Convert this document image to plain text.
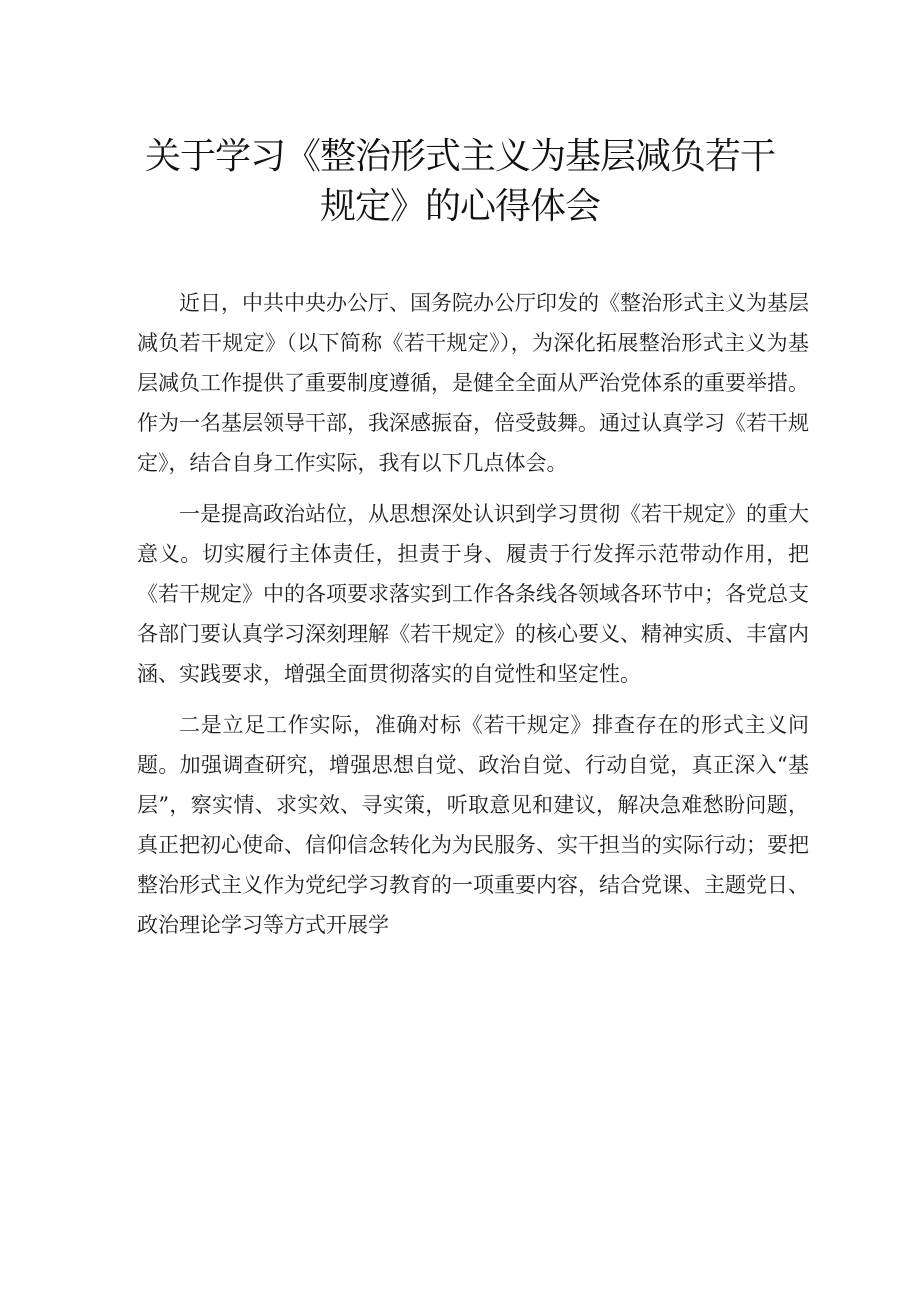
关于学习《整治形式主义为基层减负若干
规定》的心得体会

近日，中共中央办公厅、国务院办公厅印发的《整治形式主义为基层减负若干规定》（以下简称《若干规定》），为深化拓展整治形式主义为基层减负工作提供了重要制度遵循，是健全全面从严治党体系的重要举措。作为一名基层领导干部，我深感振奋，倍受鼓舞。通过认真学习《若干规定》，结合自身工作实际，我有以下几点体会。

一是提高政治站位，从思想深处认识到学习贯彻《若干规定》的重大意义。切实履行主体责任，担责于身、履责于行发挥示范带动作用，把《若干规定》中的各项要求落实到工作各条线各领域各环节中；各党总支各部门要认真学习深刻理解《若干规定》的核心要义、精神实质、丰富内涵、实践要求，增强全面贯彻落实的自觉性和坚定性。

二是立足工作实际，准确对标《若干规定》排查存在的形式主义问题。加强调查研究，增强思想自觉、政治自觉、行动自觉，真正深入“基层”，察实情、求实效、寻实策，听取意见和建议，解决急难愁盼问题，真正把初心使命、信仰信念转化为为民服务、实干担当的实际行动；要把整治形式主义作为党纪学习教育的一项重要内容，结合党课、主题党日、政治理论学习等方式开展学
